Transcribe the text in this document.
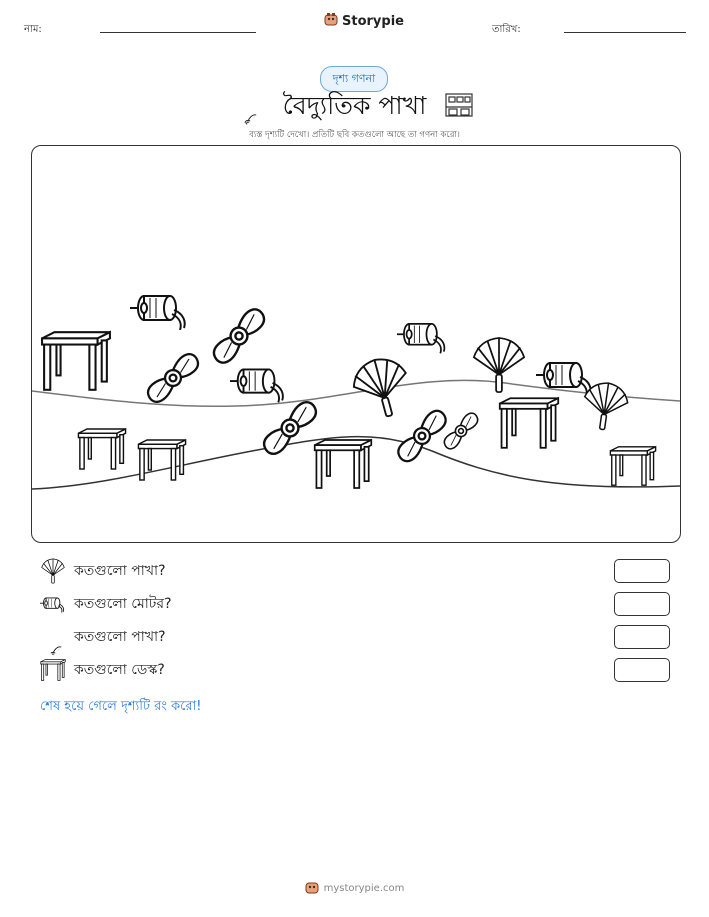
নাম:
Storypie
তারিখ:
দৃশ্য গণনা
বৈদ্যুতিক পাখা
ব্যস্ত দৃশ্যটি দেখো। প্রতিটি ছবি কতগুলো আছে তা গণনা করো।
কতগুলো পাখা?
কতগুলো মোটর?
কতগুলো পাখা?
কতগুলো ডেস্ক?
শেষ হয়ে গেলে দৃশ্যটি রং করো!
mystorypie.com
